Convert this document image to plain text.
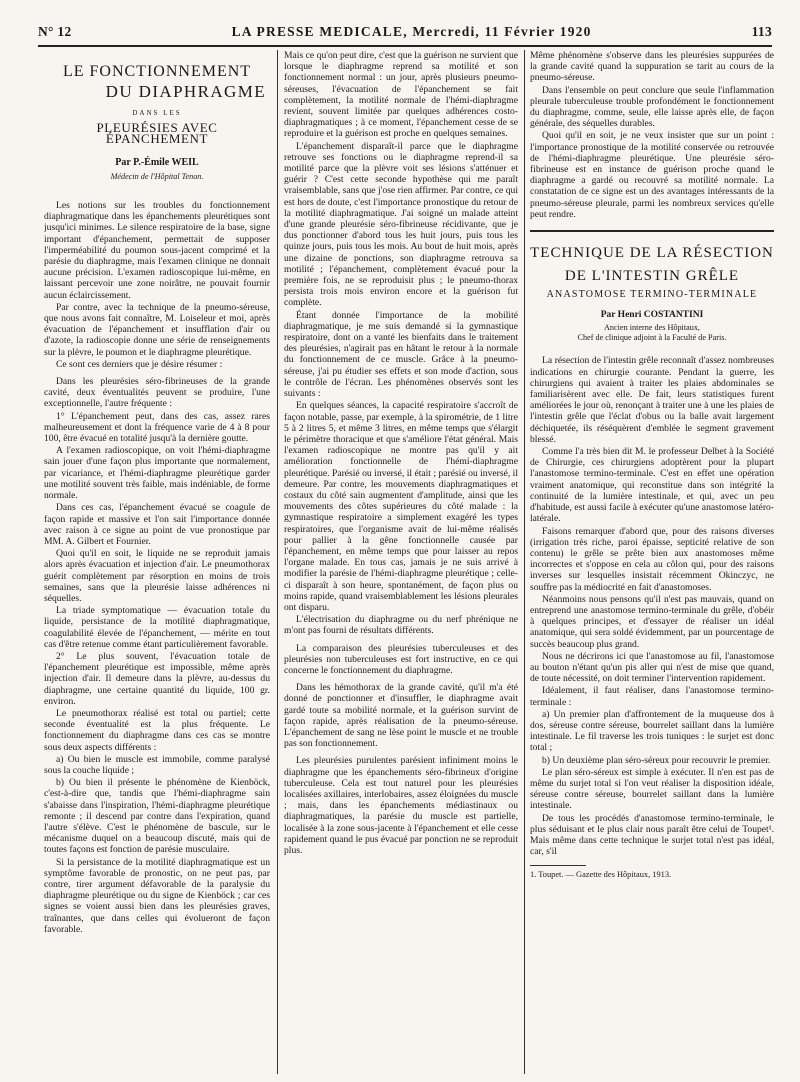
N° 12	LA PRESSE MEDICALE, Mercredi, 11 Février 1920	113
LE FONCTIONNEMENT
DU DIAPHRAGME
DANS LES
PLEURÉSIES AVEC ÉPANCHEMENT
Par P.-Émile WEIL
Médecin de l'Hôpital Tenon.

Les notions sur les troubles du fonctionnement diaphragmatique dans les épanchements pleurétiques sont jusqu'ici minimes. Le silence respiratoire de la base, signe important d'épanchement, permettait de supposer l'imperméabilité du poumon sous-jacent comprimé et la parésie du diaphragme, mais l'examen clinique ne donnait aucune précision. L'examen radioscopique lui-même, en laissant percevoir une zone noirâtre, ne pouvait fournir aucun éclaircissement.

Par contre, avec la technique de la pneumo-séreuse, que nous avons fait connaître, M. Loiseleur et moi, après évacuation de l'épanchement et insufflation d'air ou d'azote, la radioscopie donne une série de renseignements sur la plèvre, le poumon et le diaphragme pleurétique.

Ce sont ces derniers que je désire résumer :

Dans les pleurésies séro-fibrineuses de la grande cavité, deux éventualités peuvent se produire, l'une exceptionnelle, l'autre fréquente :

1° L'épanchement peut, dans des cas, assez rares malheureusement et dont la fréquence varie de 4 à 8 pour 100, être évacué en totalité jusqu'à la dernière goutte.

A l'examen radioscopique, on voit l'hémi-diaphragme sain jouer d'une façon plus importante que normalement, par vicariance, et l'hémi-diaphragme pleurétique garder une motilité souvent très faible, mais indéniable, de forme normale.

Dans ces cas, l'épanchement évacué se coagule de façon rapide et massive et l'on sait l'importance donnée avec raison à ce signe au point de vue pronostique par MM. A. Gilbert et Fournier.

Quoi qu'il en soit, le liquide ne se reproduit jamais alors après évacuation et injection d'air. Le pneumothorax guérit complètement par résorption en moins de trois semaines, sans que la pleurésie laisse adhérences ni séquelles.

La triade symptomatique — évacuation totale du liquide, persistance de la motilité diaphragmatique, coagulabilité élevée de l'épanchement, — mérite en tout cas d'être retenue comme étant particulièrement favorable.

2° Le plus souvent, l'évacuation totale de l'épanchement pleurétique est impossible, même après injection d'air. Il demeure dans la plèvre, au-dessus du diaphragme, une certaine quantité du liquide, 100 gr. environ.

Le pneumothorax réalisé est total ou partiel; cette seconde éventualité est la plus fréquente. Le fonctionnement du diaphragme dans ces cas se montre sous deux aspects différents :

a) Ou bien le muscle est immobile, comme paralysé sous la couche liquide ;

b) Ou bien il présente le phénomène de Kienböck, c'est-à-dire que, tandis que l'hémi-diaphragme sain s'abaisse dans l'inspiration, l'hémi-diaphragme pleurétique remonte ; il descend par contre dans l'expiration, quand l'autre s'élève. C'est le phénomène de bascule, sur le mécanisme duquel on a beaucoup discuté, mais qui de toutes façons est fonction de parésie musculaire.

Si la persistance de la motilité diaphragmatique est un symptôme favorable de pronostic, on ne peut pas, par contre, tirer argument défavorable de la paralysie du diaphragme pleurétique ou du signe de Kienböck ; car ces signes se voient aussi bien dans les pleurésies graves, traînantes, que dans celles qui évolueront de façon favorable.

Mais ce qu'on peut dire, c'est que la guérison ne survient que lorsque le diaphragme reprend sa motilité et son fonctionnement normal : un jour, après plusieurs pneumo-séreuses, l'évacuation de l'épanchement se fait complètement, la motilité normale de l'hémi-diaphragme revient, souvent limitée par quelques adhérences costo-diaphragmatiques ; à ce moment, l'épanchement cesse de se reproduire et la guérison est proche en quelques semaines.

L'épanchement disparaît-il parce que le diaphragme retrouve ses fonctions ou le diaphragme reprend-il sa motilité parce que la plèvre voit ses lésions s'atténuer et guérir ? C'est cette seconde hypothèse qui me paraît vraisemblable, sans que j'ose rien affirmer. Par contre, ce qui est hors de doute, c'est l'importance pronostique du retour de la motilité diaphragmatique. J'ai soigné un malade atteint d'une grande pleurésie séro-fibrineuse récidivante, que je dus ponctionner d'abord tous les huit jours, puis tous les quinze jours, puis tous les mois. Au bout de huit mois, après une dizaine de ponctions, son diaphragme retrouva sa motilité ; l'épanchement, complètement évacué pour la première fois, ne se reproduisit plus ; le pneumo-thorax persista trois mois environ encore et la guérison fut complète.

Étant donnée l'importance de la mobilité diaphragmatique, je me suis demandé si la gymnastique respiratoire, dont on a vanté les bienfaits dans le traitement des pleurésies, n'agirait pas en hâtant le retour à la normale du fonctionnement de ce muscle. Grâce à la pneumo-séreuse, j'ai pu étudier ses effets et son mode d'action, sous le contrôle de l'écran. Les phénomènes observés sont les suivants :

En quelques séances, la capacité respiratoire s'accroît de façon notable, passe, par exemple, à la spirométrie, de 1 litre 5 à 2 litres 5, et même 3 litres, en même temps que s'élargit le périmètre thoracique et que s'améliore l'état général. Mais l'examen radioscopique ne montre pas qu'il y ait amélioration fonctionnelle de l'hémi-diaphragme pleurétique. Parésié ou inversé, il était ; parésié ou inversé, il demeure. Par contre, les mouvements diaphragmatiques et costaux du côté sain augmentent d'amplitude, ainsi que les mouvements des côtes supérieures du côté malade : la gymnastique respiratoire a simplement exagéré les types respiratoires, que l'organisme avait de lui-même réalisés pour pallier à la gêne fonctionnelle causée par l'épanchement, en même temps que pour laisser au repos l'organe malade. En tous cas, jamais je ne suis arrivé à modifier la parésie de l'hémi-diaphragme pleurétique ; celle-ci disparaît à son heure, spontanément, de façon plus ou moins rapide, quand vraisemblablement les lésions pleurales ont disparu.

L'électrisation du diaphragme ou du nerf phrénique ne m'ont pas fourni de résultats différents.

La comparaison des pleurésies tuberculeuses et des pleurésies non tuberculeuses est fort instructive, en ce qui concerne le fonctionnement du diaphragme.

Dans les hémothorax de la grande cavité, qu'il m'a été donné de ponctionner et d'insuffler, le diaphragme avait gardé toute sa mobilité normale, et la guérison survint de façon rapide, après réalisation de la pneumo-séreuse. L'épanchement de sang ne lèse point le muscle et ne trouble pas son fonctionnement.

Les pleurésies purulentes parésient infiniment moins le diaphragme que les épanchements séro-fibrineux d'origine tuberculeuse. Cela est tout naturel pour les pleurésies localisées axillaires, interlobaires, assez éloignées du muscle ; mais, dans les épanchements médiastinaux ou diaphragmatiques, la parésie du muscle est partielle, localisée à la zone sous-jacente à l'épanchement et elle cesse rapidement quand le pus évacué par ponction ne se reproduit plus.

Même phénomène s'observe dans les pleurésies suppurées de la grande cavité quand la suppuration se tarit au cours de la pneumo-séreuse.

Dans l'ensemble on peut conclure que seule l'inflammation pleurale tuberculeuse trouble profondément le fonctionnement du diaphragme, comme, seule, elle laisse après elle, de façon générale, des séquelles durables.

Quoi qu'il en soit, je ne veux insister que sur un point : l'importance pronostique de la motilité conservée ou retrouvée de l'hémi-diaphragme pleurétique. Une pleurésie séro-fibrineuse est en instance de guérison proche quand le diaphragme a gardé ou recouvré sa motilité normale. La constatation de ce signe est un des avantages intéressants de la pneumo-séreuse pleurale, parmi les nombreux services qu'elle peut rendre.

TECHNIQUE DE LA RÉSECTION
DE L'INTESTIN GRÊLE
ANASTOMOSE TERMINO-TERMINALE
Par Henri COSTANTINI
Ancien interne des Hôpitaux,
Chef de clinique adjoint à la Faculté de Paris.

La résection de l'intestin grêle reconnaît d'assez nombreuses indications en chirurgie courante. Pendant la guerre, les chirurgiens qui avaient à traiter les plaies abdominales se familiarisèrent avec elle. De fait, leurs statistiques furent améliorées le jour où, renonçant à traiter une à une les plaies de l'intestin grêle que l'éclat d'obus ou la balle avait largement déchiquetée, ils réséquèrent d'emblée le segment gravement blessé.

Comme l'a très bien dit M. le professeur Delbet à la Société de Chirurgie, ces chirurgiens adoptèrent pour la plupart l'anastomose termino-terminale. C'est en effet une opération vraiment anatomique, qui reconstitue dans son intégrité la continuité de la lumière intestinale, et qui, avec un peu d'habitude, est aussi facile à exécuter qu'une anastomose latéro-latérale.

Faisons remarquer d'abord que, pour des raisons diverses (irrigation très riche, paroi épaisse, septicité relative de son contenu) le grêle se prête bien aux anastomoses même incorrectes et s'oppose en cela au côlon qui, pour des raisons inverses sur lesquelles insistait récemment Okinczyc, ne souffre pas la médiocrité en fait d'anastomoses.

Néanmoins nous pensons qu'il n'est pas mauvais, quand on entreprend une anastomose termino-terminale du grêle, d'obéir à quelques principes, et d'essayer de réaliser un idéal anatomique, qui sera soldé évidemment, par un pourcentage de succès beaucoup plus grand.

Nous ne décrirons ici que l'anastomose au fil, l'anastomose au bouton n'étant qu'un pis aller qui n'est de mise que quand, de toute nécessité, on doit terminer l'intervention rapidement.

Idéalement, il faut réaliser, dans l'anastomose termino-terminale :

a) Un premier plan d'affrontement de la muqueuse dos à dos, séreuse contre séreuse, bourrelet saillant dans la lumière intestinale. Le fil traverse les trois tuniques : le surjet est donc total ;

b) Un deuxième plan séro-séreux pour recouvrir le premier.

Le plan séro-séreux est simple à exécuter. Il n'en est pas de même du surjet total si l'on veut réaliser la disposition idéale, séreuse contre séreuse, bourrelet saillant dans la lumière intestinale.

De tous les procédés d'anastomose termino-terminale, le plus séduisant et le plus clair nous paraît être celui de Toupet¹. Mais même dans cette technique le surjet total n'est pas idéal, car, s'il

1. Toupet. — Gazette des Hôpitaux, 1913.
